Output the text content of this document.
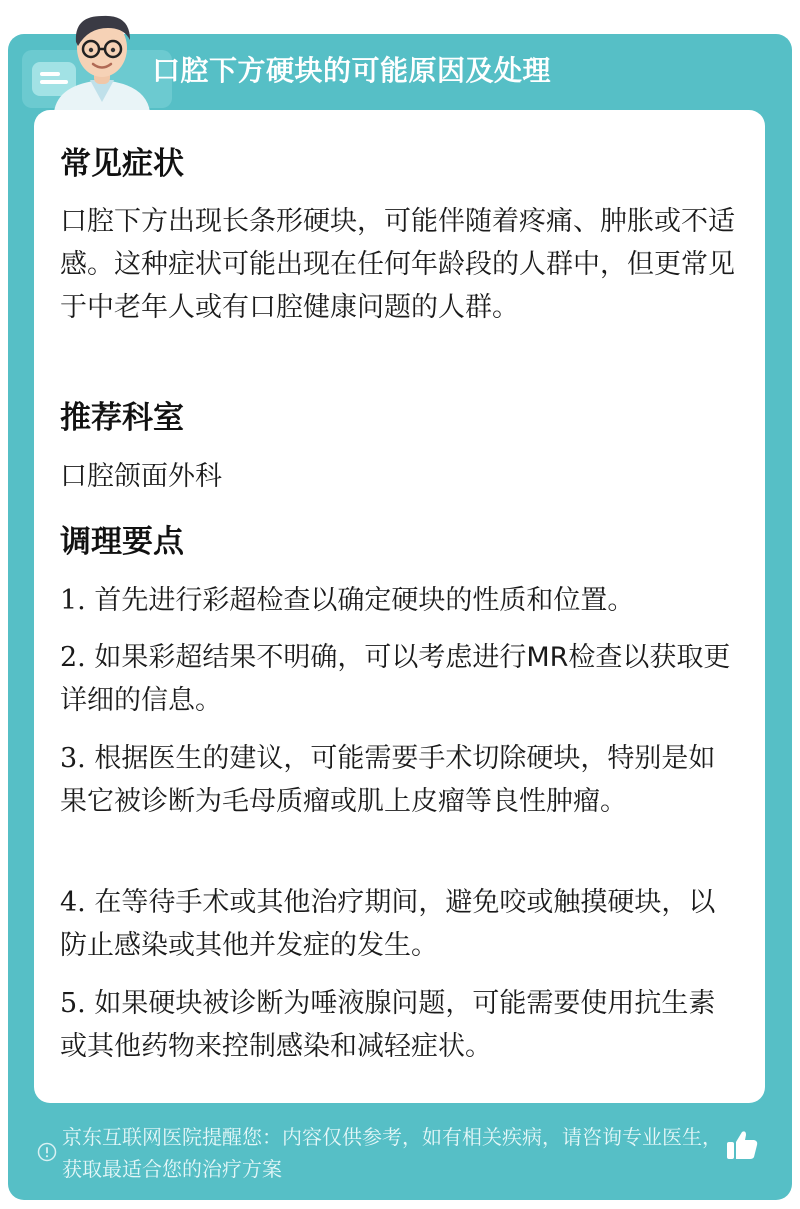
口腔下方硬块的可能原因及处理
常见症状
口腔下方出现长条形硬块，可能伴随着疼痛、肿胀或不适感。这种症状可能出现在任何年龄段的人群中，但更常见于中老年人或有口腔健康问题的人群。
推荐科室
口腔颌面外科
调理要点
1. 首先进行彩超检查以确定硬块的性质和位置。
2. 如果彩超结果不明确，可以考虑进行MR检查以获取更详细的信息。
3. 根据医生的建议，可能需要手术切除硬块，特别是如果它被诊断为毛母质瘤或肌上皮瘤等良性肿瘤。
4. 在等待手术或其他治疗期间，避免咬或触摸硬块，以防止感染或其他并发症的发生。
5. 如果硬块被诊断为唾液腺问题，可能需要使用抗生素或其他药物来控制感染和减轻症状。
京东互联网医院提醒您：内容仅供参考，如有相关疾病，请咨询专业医生，获取最适合您的治疗方案
